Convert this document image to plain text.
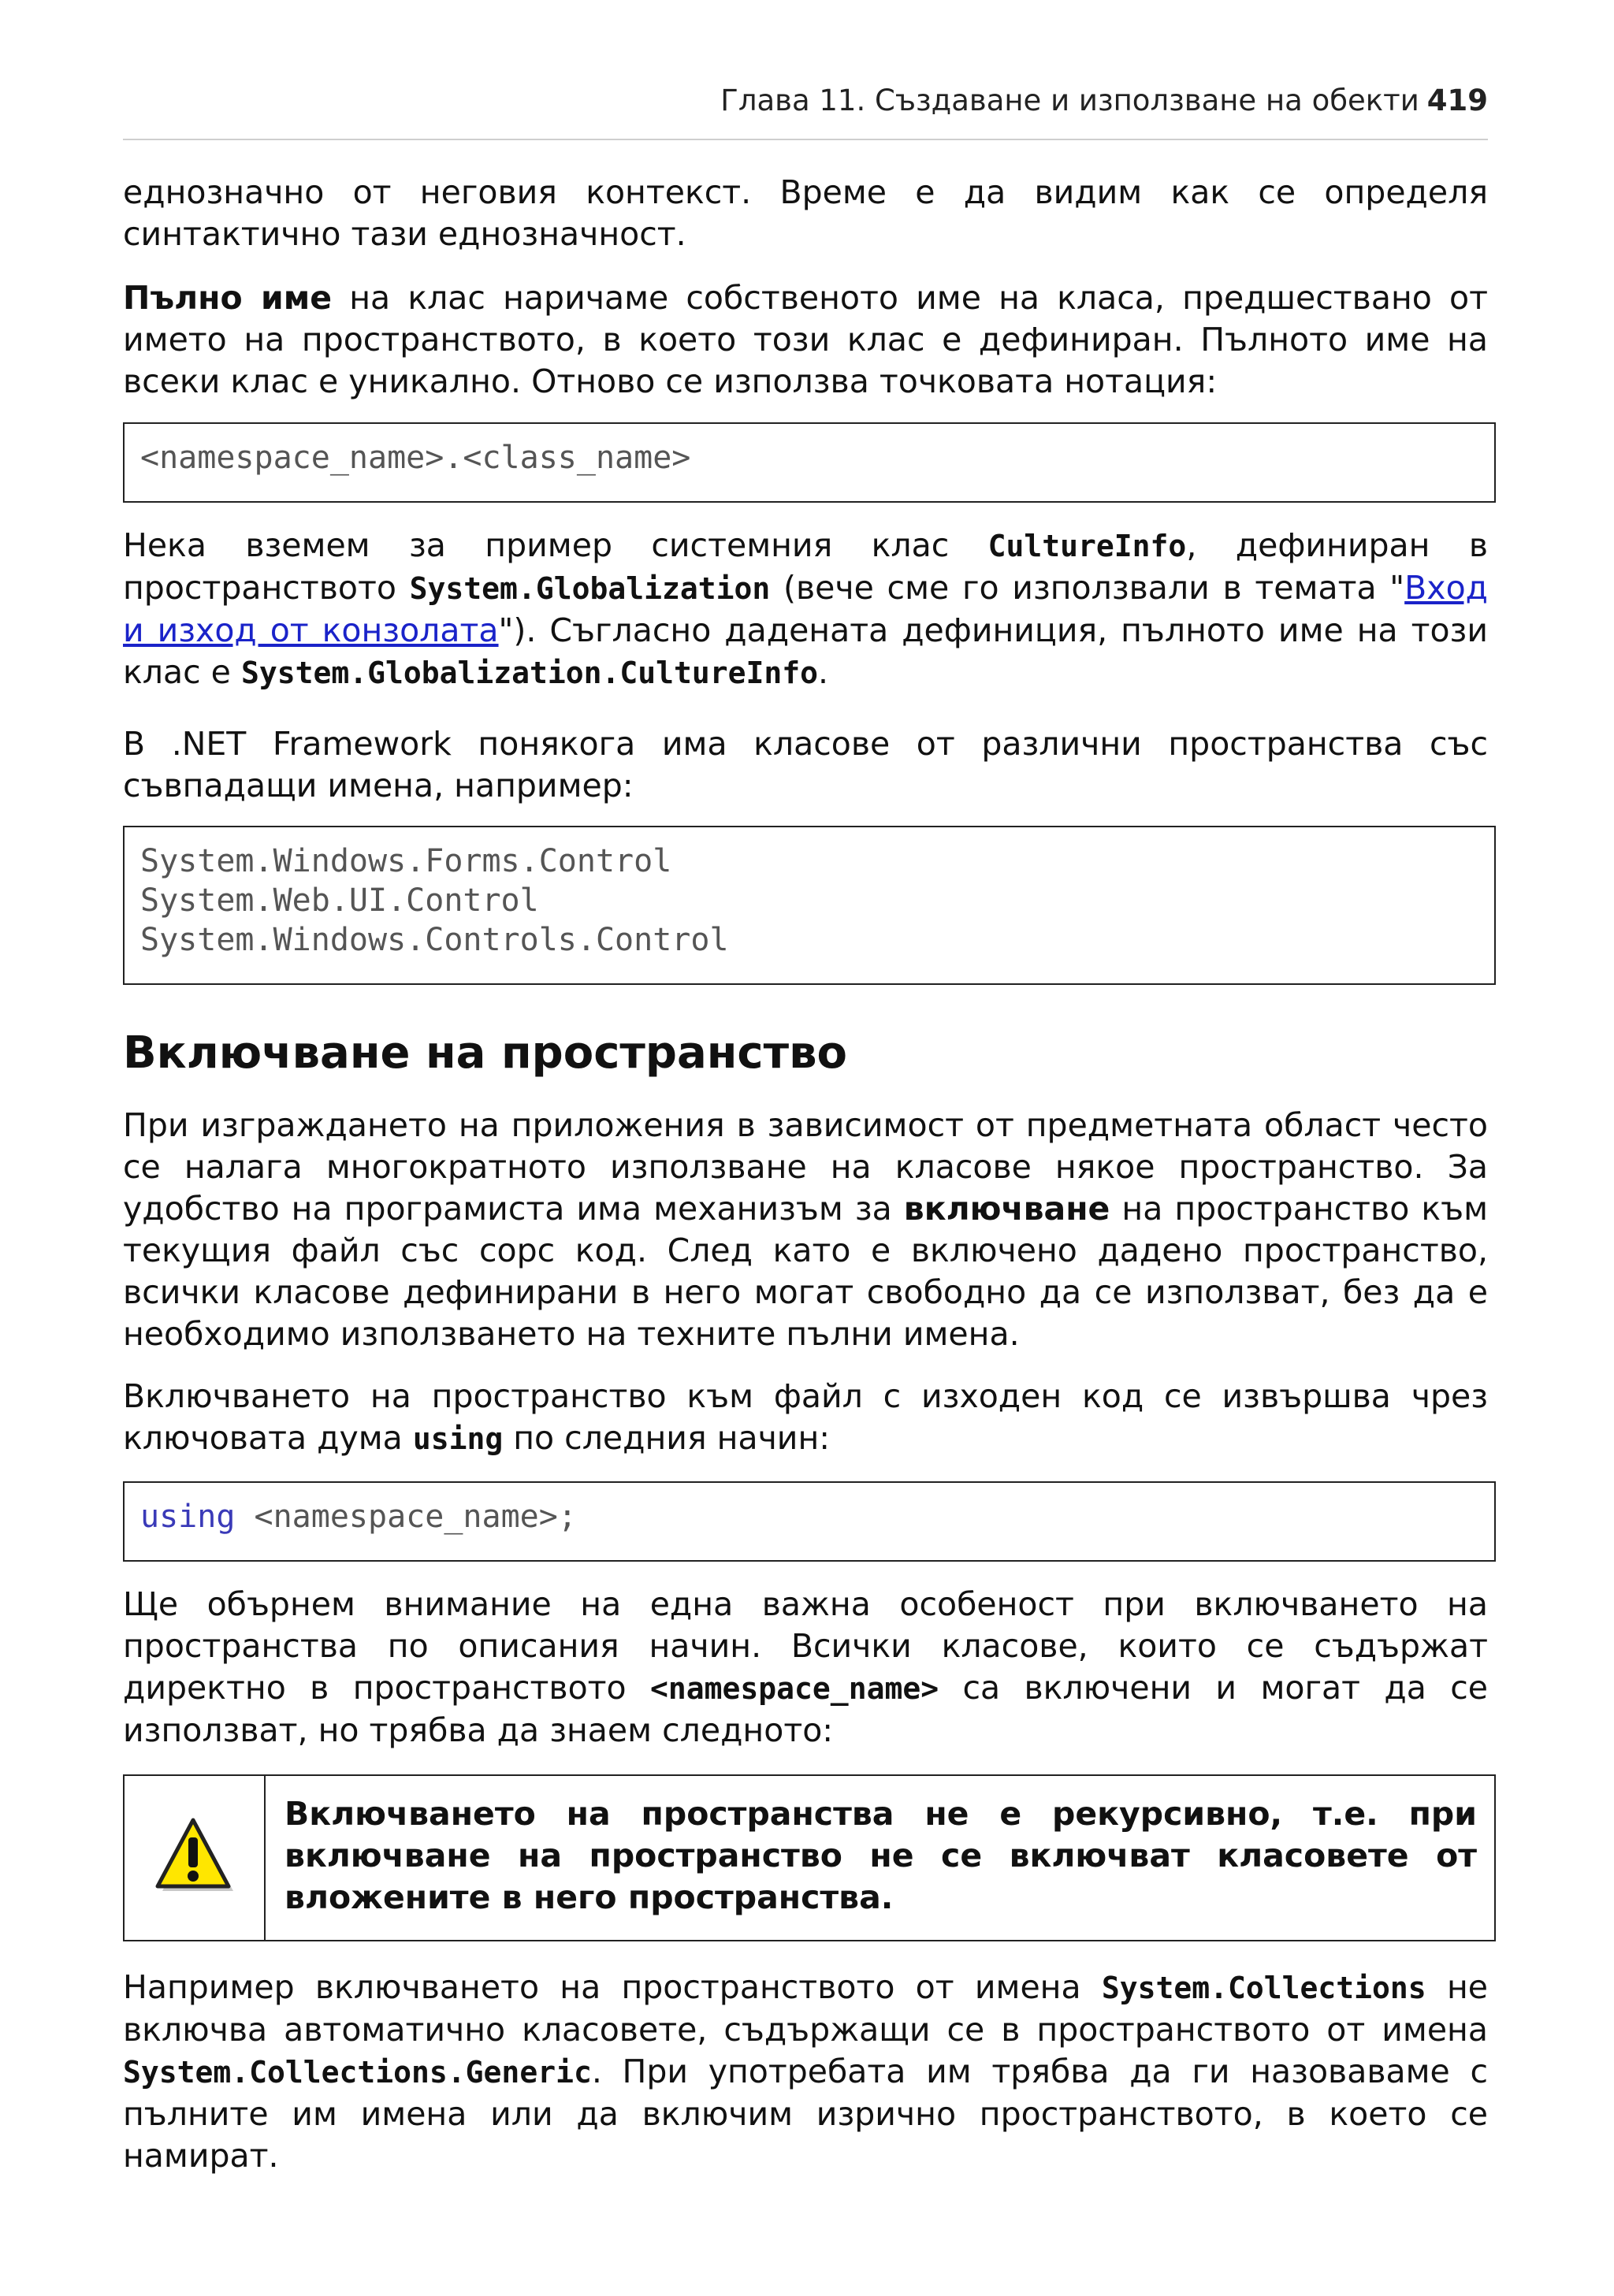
Глава 11. Създаване и използване на обекти 419

еднозначно от неговия контекст. Време е да видим как се определя синтактично тази еднозначност.

Пълно име на клас наричаме собственото име на класа, предшествано от името на пространството, в което този клас е дефиниран. Пълното име на всеки клас е уникално. Отново се използва точковата нотация:

<namespace_name>.<class_name>

Нека вземем за пример системния клас CultureInfo, дефиниран в пространството System.Globalization (вече сме го използвали в темата "Вход и изход от конзолата"). Съгласно дадената дефиниция, пълното име на този клас е System.Globalization.CultureInfo.

В .NET Framework понякога има класове от различни пространства със съвпадащи имена, например:

System.Windows.Forms.Control
System.Web.UI.Control
System.Windows.Controls.Control
Включване на пространство

При изграждането на приложения в зависимост от предметната област често се налага многократното използване на класове някое пространство. За удобство на програмиста има механизъм за включване на пространство към текущия файл със сорс код. След като е включено дадено пространство, всички класове дефинирани в него могат свободно да се използват, без да е необходимо използването на техните пълни имена.

Включването на пространство към файл с изходен код се извършва чрез ключовата дума using по следния начин:

using <namespace_name>;

Ще обърнем внимание на една важна особеност при включването на пространства по описания начин. Всички класове, които се съдържат директно в пространството <namespace_name> са включени и могат да се използват, но трябва да знаем следното:

Включването на пространства не е рекурсивно, т.е. при включване на пространство не се включват класовете от вложените в него пространства.

Например включването на пространството от имена System.Collections не включва автоматично класовете, съдържащи се в пространството от имена System.Collections.Generic. При употребата им трябва да ги назоваваме с пълните им имена или да включим изрично пространството, в което се намират.
